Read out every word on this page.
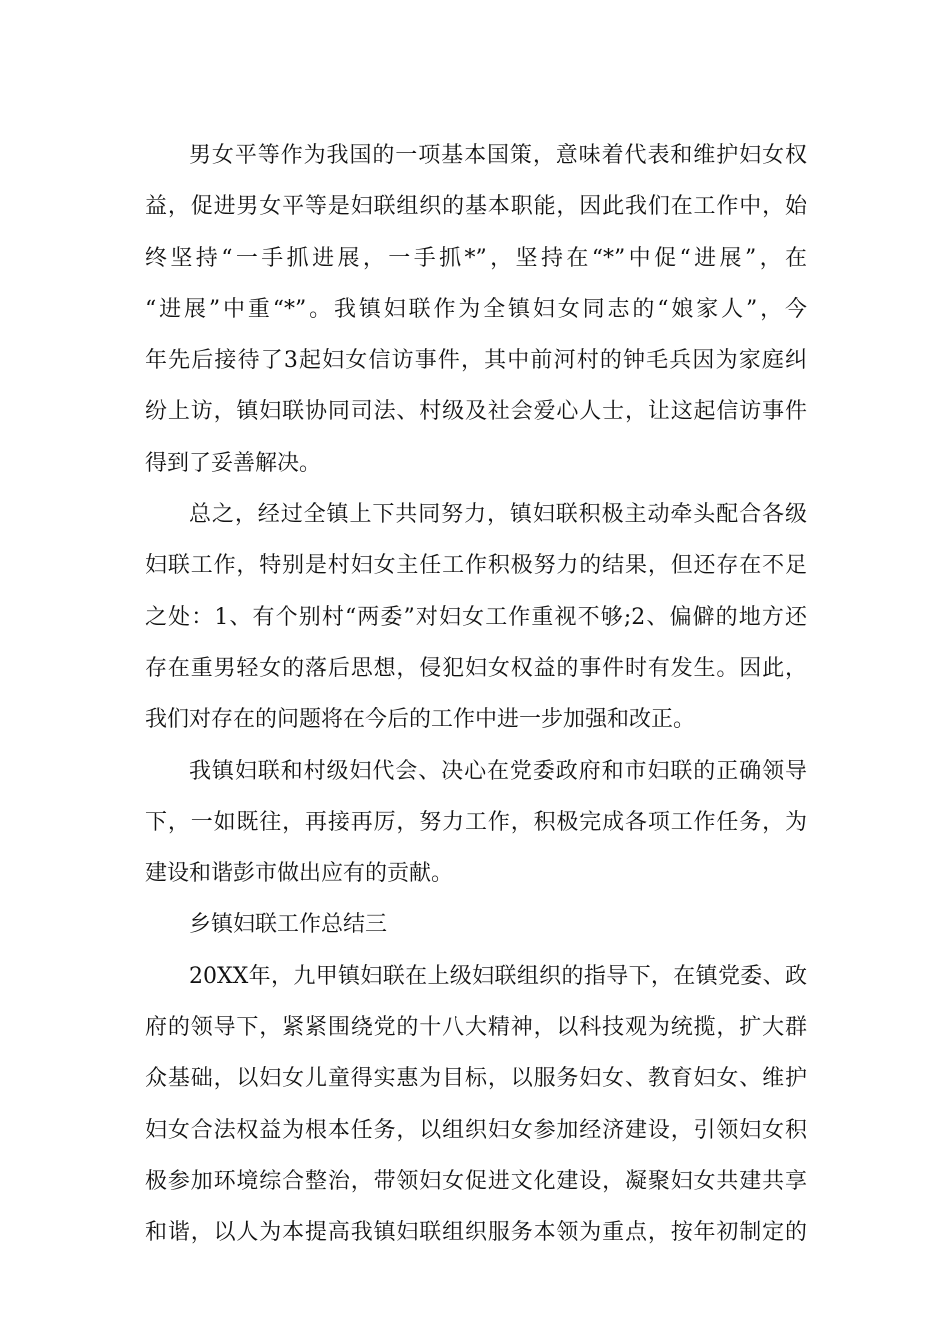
男女平等作为我国的一项基本国策，意味着代表和维护妇女权
益，促进男女平等是妇联组织的基本职能，因此我们在工作中，始
终坚持“一手抓进展，一手抓*”，坚持在“*”中促“进展”，在
“进展”中重“*”。我镇妇联作为全镇妇女同志的“娘家人”，今
年先后接待了3起妇女信访事件，其中前河村的钟毛兵因为家庭纠
纷上访，镇妇联协同司法、村级及社会爱心人士，让这起信访事件
得到了妥善解决。
总之，经过全镇上下共同努力，镇妇联积极主动牵头配合各级
妇联工作，特别是村妇女主任工作积极努力的结果，但还存在不足
之处：1、有个别村“两委”对妇女工作重视不够;2、偏僻的地方还
存在重男轻女的落后思想，侵犯妇女权益的事件时有发生。因此，
我们对存在的问题将在今后的工作中进一步加强和改正。
我镇妇联和村级妇代会、决心在党委政府和市妇联的正确领导
下，一如既往，再接再厉，努力工作，积极完成各项工作任务，为
建设和谐彭市做出应有的贡献。
乡镇妇联工作总结三
20XX年，九甲镇妇联在上级妇联组织的指导下，在镇党委、政
府的领导下，紧紧围绕党的十八大精神，以科技观为统揽，扩大群
众基础，以妇女儿童得实惠为目标，以服务妇女、教育妇女、维护
妇女合法权益为根本任务，以组织妇女参加经济建设，引领妇女积
极参加环境综合整治，带领妇女促进文化建设，凝聚妇女共建共享
和谐，以人为本提高我镇妇联组织服务本领为重点，按年初制定的
